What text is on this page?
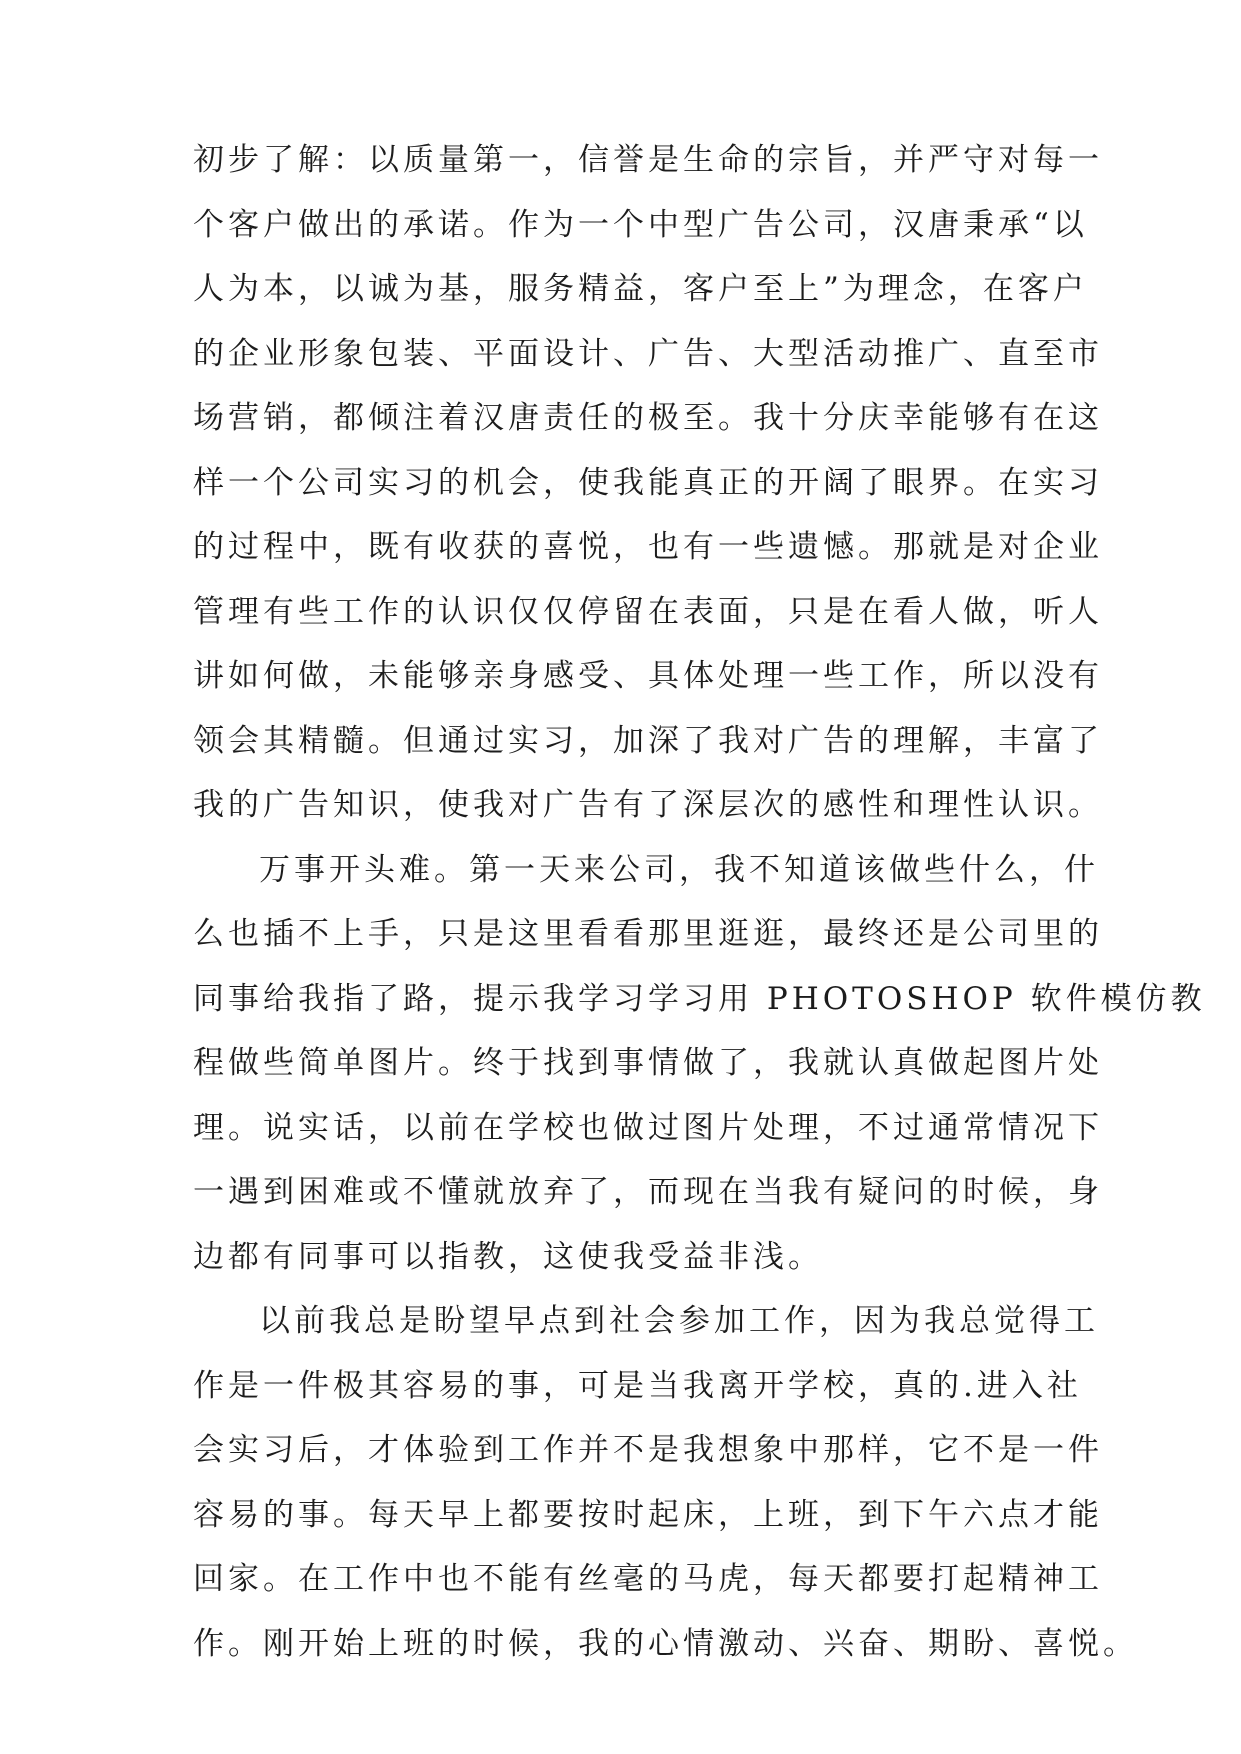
初步了解：以质量第一，信誉是生命的宗旨，并严守对每一
个客户做出的承诺。作为一个中型广告公司，汉唐秉承“以
人为本，以诚为基，服务精益，客户至上”为理念，在客户
的企业形象包装、平面设计、广告、大型活动推广、直至市
场营销，都倾注着汉唐责任的极至。我十分庆幸能够有在这
样一个公司实习的机会，使我能真正的开阔了眼界。在实习
的过程中，既有收获的喜悦，也有一些遗憾。那就是对企业
管理有些工作的认识仅仅停留在表面，只是在看人做，听人
讲如何做，未能够亲身感受、具体处理一些工作，所以没有
领会其精髓。但通过实习，加深了我对广告的理解，丰富了
我的广告知识，使我对广告有了深层次的感性和理性认识。
万事开头难。第一天来公司，我不知道该做些什么，什
么也插不上手，只是这里看看那里逛逛，最终还是公司里的
同事给我指了路，提示我学习学习用 PHOTOSHOP 软件模仿教
程做些简单图片。终于找到事情做了，我就认真做起图片处
理。说实话，以前在学校也做过图片处理，不过通常情况下
一遇到困难或不懂就放弃了，而现在当我有疑问的时候，身
边都有同事可以指教，这使我受益非浅。
以前我总是盼望早点到社会参加工作，因为我总觉得工
作是一件极其容易的事，可是当我离开学校，真的.进入社
会实习后，才体验到工作并不是我想象中那样，它不是一件
容易的事。每天早上都要按时起床，上班，到下午六点才能
回家。在工作中也不能有丝毫的马虎，每天都要打起精神工
作。刚开始上班的时候，我的心情激动、兴奋、期盼、喜悦。
